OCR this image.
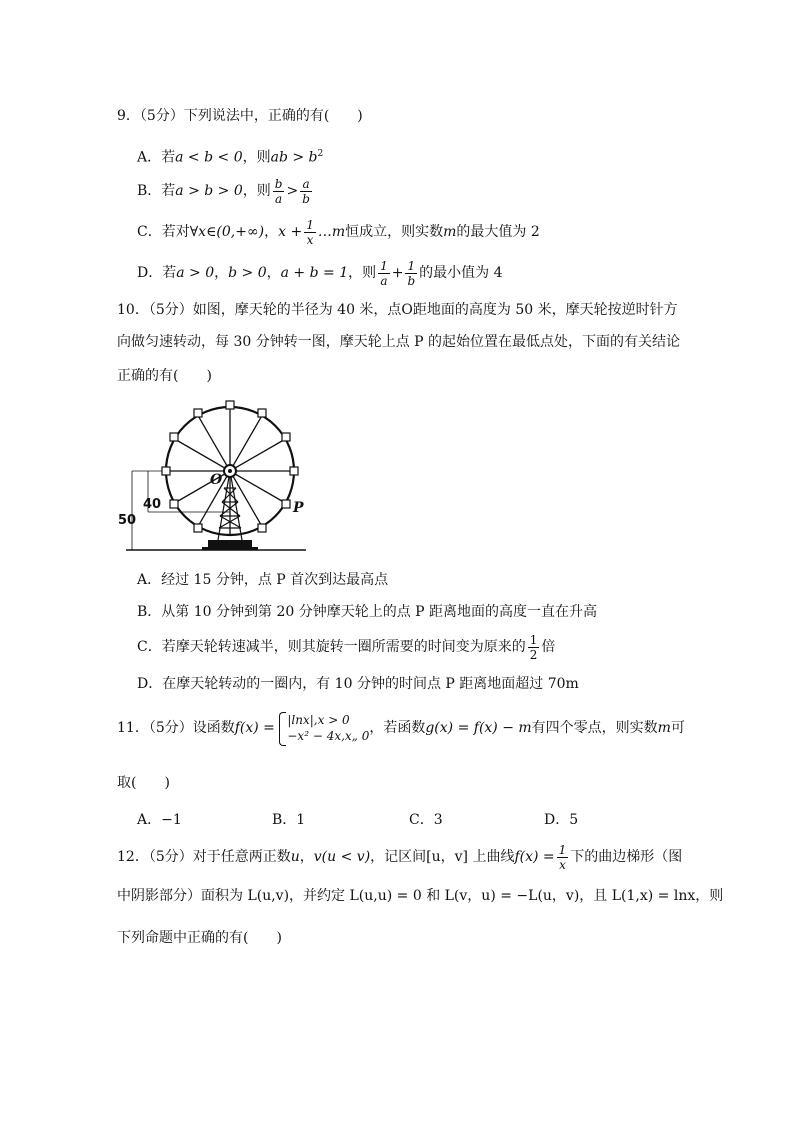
9．（5分）下列说法中，正确的有(　　)
A．若a < b < 0，则ab > $b^2$
B．若a > b > 0，则 $\frac{b}{a} > \frac{a}{b}$
C．若对∀x∈(0,+∞)，$x + \frac{1}{x}$ …m恒成立，则实数m的最大值为 2
D．若a > 0，b > 0，a + b = 1，则 $\frac{1}{a} + \frac{1}{b}$ 的最小值为 4
10．（5分）如图，摩天轮的半径为 40 米，点O距地面的高度为 50 米，摩天轮按逆时针方
向做匀速转动，每 30 分钟转一图，摩天轮上点 P 的起始位置在最低点处，下面的有关结论
正确的有(　　)
O
P
50
40
A．经过 15 分钟，点 P 首次到达最高点
B．从第 10 分钟到第 20 分钟摩天轮上的点 P 距离地面的高度一直在升高
C．若摩天轮转速减半，则其旋转一圈所需要的时间变为原来的 $\frac{1}{2}$ 倍
D．在摩天轮转动的一圈内，有 10 分钟的时间点 P 距离地面超过 70m
11．（5分）设函数f(x) = |lnx|,x > 0
−x² − 4x,x„ 0 ，若函数g(x) = f(x) − m有四个零点，则实数m可
取(　　)
A．−1	B．1	C．3	D．5
12．（5分）对于任意两正数u，v(u < v)，记区间[u，v] 上曲线$f(x) = \frac{1}{x}$ 下的曲边梯形（图
中阴影部分）面积为 L(u,v)，并约定 L(u,u) = 0 和 L(v，u) = −L(u，v)，且 L(1,x) = lnx，则
下列命题中正确的有(　　)
